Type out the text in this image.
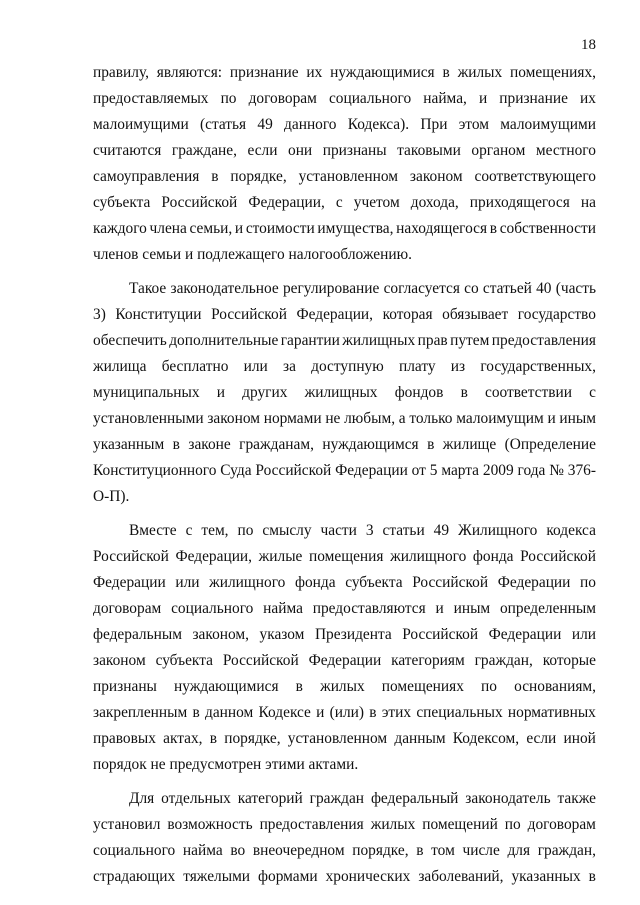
18
правилу, являются: признание их нуждающимися в жилых помещениях,
предоставляемых по договорам социального найма, и признание их
малоимущими (статья 49 данного Кодекса). При этом малоимущими
считаются граждане, если они признаны таковыми органом местного
самоуправления в порядке, установленном законом соответствующего
субъекта Российской Федерации, с учетом дохода, приходящегося на
каждого члена семьи, и стоимости имущества, находящегося в собственности
членов семьи и подлежащего налогообложению.
Такое законодательное регулирование согласуется со статьей 40 (часть
3) Конституции Российской Федерации, которая обязывает государство
обеспечить дополнительные гарантии жилищных прав путем предоставления
жилища бесплатно или за доступную плату из государственных,
муниципальных и других жилищных фондов в соответствии с
установленными законом нормами не любым, а только малоимущим и иным
указанным в законе гражданам, нуждающимся в жилище (Определение
Конституционного Суда Российской Федерации от 5 марта 2009 года № 376-
О-П).
Вместе с тем, по смыслу части 3 статьи 49 Жилищного кодекса
Российской Федерации, жилые помещения жилищного фонда Российской
Федерации или жилищного фонда субъекта Российской Федерации по
договорам социального найма предоставляются и иным определенным
федеральным законом, указом Президента Российской Федерации или
законом субъекта Российской Федерации категориям граждан, которые
признаны нуждающимися в жилых помещениях по основаниям,
закрепленным в данном Кодексе и (или) в этих специальных нормативных
правовых актах, в порядке, установленном данным Кодексом, если иной
порядок не предусмотрен этими актами.
Для отдельных категорий граждан федеральный законодатель также
установил возможность предоставления жилых помещений по договорам
социального найма во внеочередном порядке, в том числе для граждан,
страдающих тяжелыми формами хронических заболеваний, указанных в
